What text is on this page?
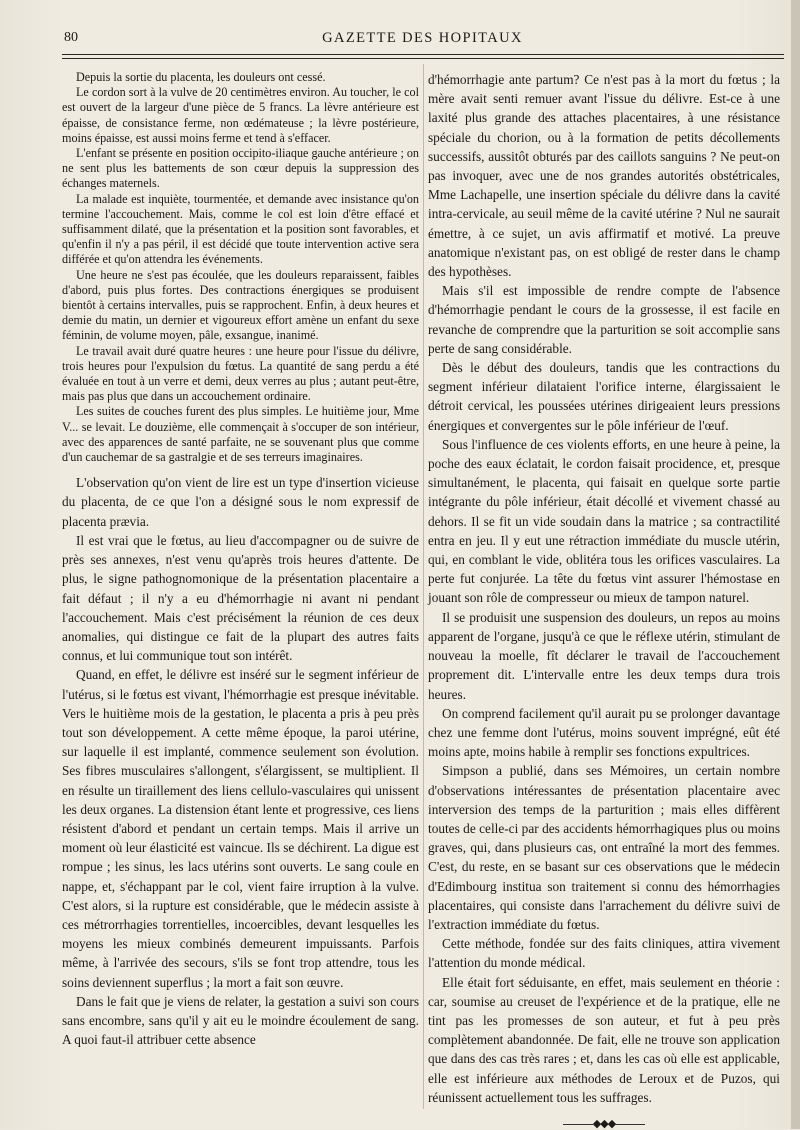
80	GAZETTE DES HOPITAUX

Depuis la sortie du placenta, les douleurs ont cessé.

Le cordon sort à la vulve de 20 centimètres environ. Au toucher, le col est ouvert de la largeur d'une pièce de 5 francs. La lèvre antérieure est épaisse, de consistance ferme, non œdémateuse ; la lèvre postérieure, moins épaisse, est aussi moins ferme et tend à s'effacer.

L'enfant se présente en position occipito-iliaque gauche antérieure ; on ne sent plus les battements de son cœur depuis la suppression des échanges maternels.

La malade est inquiète, tourmentée, et demande avec insistance qu'on termine l'accouchement. Mais, comme le col est loin d'être effacé et suffisamment dilaté, que la présentation et la position sont favorables, et qu'enfin il n'y a pas péril, il est décidé que toute intervention active sera différée et qu'on attendra les événements.

Une heure ne s'est pas écoulée, que les douleurs reparaissent, faibles d'abord, puis plus fortes. Des contractions énergiques se produisent bientôt à certains intervalles, puis se rapprochent. Enfin, à deux heures et demie du matin, un dernier et vigoureux effort amène un enfant du sexe féminin, de volume moyen, pâle, exsangue, inanimé.

Le travail avait duré quatre heures : une heure pour l'issue du délivre, trois heures pour l'expulsion du fœtus. La quantité de sang perdu a été évaluée en tout à un verre et demi, deux verres au plus ; autant peut-être, mais pas plus que dans un accouchement ordinaire.

Les suites de couches furent des plus simples. Le huitième jour, Mme V... se levait. Le douzième, elle commençait à s'occuper de son intérieur, avec des apparences de santé parfaite, ne se souvenant plus que comme d'un cauchemar de sa gastralgie et de ses terreurs imaginaires.

L'observation qu'on vient de lire est un type d'insertion vicieuse du placenta, de ce que l'on a désigné sous le nom expressif de placenta prævia.

Il est vrai que le fœtus, au lieu d'accompagner ou de suivre de près ses annexes, n'est venu qu'après trois heures d'attente. De plus, le signe pathognomonique de la présentation placentaire a fait défaut ; il n'y a eu d'hémorrhagie ni avant ni pendant l'accouchement. Mais c'est précisément la réunion de ces deux anomalies, qui distingue ce fait de la plupart des autres faits connus, et lui communique tout son intérêt.

Quand, en effet, le délivre est inséré sur le segment inférieur de l'utérus, si le fœtus est vivant, l'hémorrhagie est presque inévitable. Vers le huitième mois de la gestation, le placenta a pris à peu près tout son développement. A cette même époque, la paroi utérine, sur laquelle il est implanté, commence seulement son évolution. Ses fibres musculaires s'allongent, s'élargissent, se multiplient. Il en résulte un tiraillement des liens cellulo-vasculaires qui unissent les deux organes. La distension étant lente et progressive, ces liens résistent d'abord et pendant un certain temps. Mais il arrive un moment où leur élasticité est vaincue. Ils se déchirent. La digue est rompue ; les sinus, les lacs utérins sont ouverts. Le sang coule en nappe, et, s'échappant par le col, vient faire irruption à la vulve. C'est alors, si la rupture est considérable, que le médecin assiste à ces métrorrhagies torrentielles, incoercibles, devant lesquelles les moyens les mieux combinés demeurent impuissants. Parfois même, à l'arrivée des secours, s'ils se font trop attendre, tous les soins deviennent superflus ; la mort a fait son œuvre.

Dans le fait que je viens de relater, la gestation a suivi son cours sans encombre, sans qu'il y ait eu le moindre écoulement de sang. A quoi faut-il attribuer cette absence

d'hémorrhagie ante partum? Ce n'est pas à la mort du fœtus ; la mère avait senti remuer avant l'issue du délivre. Est-ce à une laxité plus grande des attaches placentaires, à une résistance spéciale du chorion, ou à la formation de petits décollements successifs, aussitôt obturés par des caillots sanguins ? Ne peut-on pas invoquer, avec une de nos grandes autorités obstétricales, Mme Lachapelle, une insertion spéciale du délivre dans la cavité intra-cervicale, au seuil même de la cavité utérine ? Nul ne saurait émettre, à ce sujet, un avis affirmatif et motivé. La preuve anatomique n'existant pas, on est obligé de rester dans le champ des hypothèses.

Mais s'il est impossible de rendre compte de l'absence d'hémorrhagie pendant le cours de la grossesse, il est facile en revanche de comprendre que la parturition se soit accomplie sans perte de sang considérable.

Dès le début des douleurs, tandis que les contractions du segment inférieur dilataient l'orifice interne, élargissaient le détroit cervical, les poussées utérines dirigeaient leurs pressions énergiques et convergentes sur le pôle inférieur de l'œuf.

Sous l'influence de ces violents efforts, en une heure à peine, la poche des eaux éclatait, le cordon faisait procidence, et, presque simultanément, le placenta, qui faisait en quelque sorte partie intégrante du pôle inférieur, était décollé et vivement chassé au dehors. Il se fit un vide soudain dans la matrice ; sa contractilité entra en jeu. Il y eut une rétraction immédiate du muscle utérin, qui, en comblant le vide, oblitéra tous les orifices vasculaires. La perte fut conjurée. La tête du fœtus vint assurer l'hémostase en jouant son rôle de compresseur ou mieux de tampon naturel.

Il se produisit une suspension des douleurs, un repos au moins apparent de l'organe, jusqu'à ce que le réflexe utérin, stimulant de nouveau la moelle, fît déclarer le travail de l'accouchement proprement dit. L'intervalle entre les deux temps dura trois heures.

On comprend facilement qu'il aurait pu se prolonger davantage chez une femme dont l'utérus, moins souvent imprégné, eût été moins apte, moins habile à remplir ses fonctions expultrices.

Simpson a publié, dans ses Mémoires, un certain nombre d'observations intéressantes de présentation placentaire avec interversion des temps de la parturition ; mais elles diffèrent toutes de celle-ci par des accidents hémorrhagiques plus ou moins graves, qui, dans plusieurs cas, ont entraîné la mort des femmes. C'est, du reste, en se basant sur ces observations que le médecin d'Edimbourg institua son traitement si connu des hémorrhagies placentaires, qui consiste dans l'arrachement du délivre suivi de l'extraction immédiate du fœtus.

Cette méthode, fondée sur des faits cliniques, attira vivement l'attention du monde médical.

Elle était fort séduisante, en effet, mais seulement en théorie : car, soumise au creuset de l'expérience et de la pratique, elle ne tint pas les promesses de son auteur, et fut à peu près complètement abandonnée. De fait, elle ne trouve son application que dans des cas très rares ; et, dans les cas où elle est applicable, elle est inférieure aux méthodes de Leroux et de Puzos, qui réunissent actuellement tous les suffrages.

◆◆◆
